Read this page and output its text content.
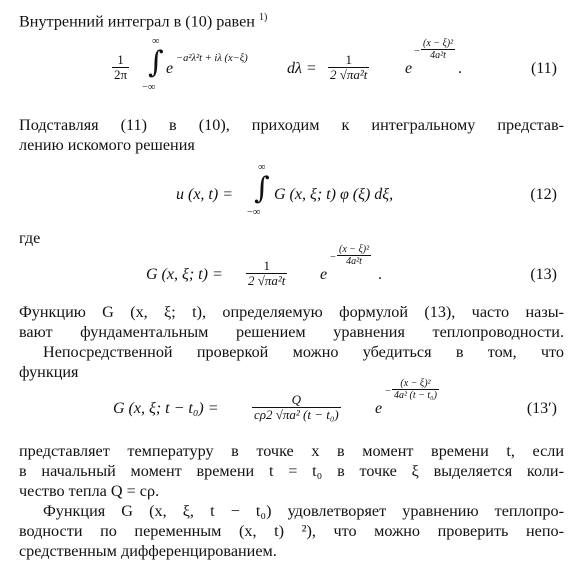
Внутренний интеграл в (10) равен $^{1)}$
$\frac{1}{2\pi}$
∞
∫
−∞
e
−a²λ²t + iλ (x−ξ)
$d\lambda = \frac{1}{\text{2 √πa²t}}$ e
− $\frac{\text{(x − ξ)²}}{\text{4a²t}}$
.	(11)
Подставляя (11) в (10), приходим к интегральному представ-
лению искомого решения
u (x, t) =
∞
∫
−∞
G (x, ξ; t) φ (ξ) dξ,	(12)
где
G (x, ξ; $t) = \frac{1}{\text{2 √πa²t}}$ e
− $\frac{\text{(x − ξ)²}}{\text{4a²t}}$
.	(13)
Функцию G (x, ξ; t), определяемую формулой (13), часто назы-
вают фундаментальным решением уравнения теплопроводности.
Непосредственной проверкой можно убедиться в том, что
функция
G (x, ξ; t − t₀) =	$\frac{Q}{\text{cρ2 √πa² (t − t₀)}}$ e
− $\frac{\text{(x − ξ)²}}{\text{4a² (t − t₀)}}$
(13′)
представляет температуру в точке x в момент времени t, если
в начальный момент времени t = t₀ в точке ξ выделяется коли-
чество тепла Q = cρ.
Функция G (x, ξ, t − t₀) удовлетворяет уравнению теплопро-
водности по переменным (x, t) ²), что можно проверить непо-
средственным дифференцированием.
